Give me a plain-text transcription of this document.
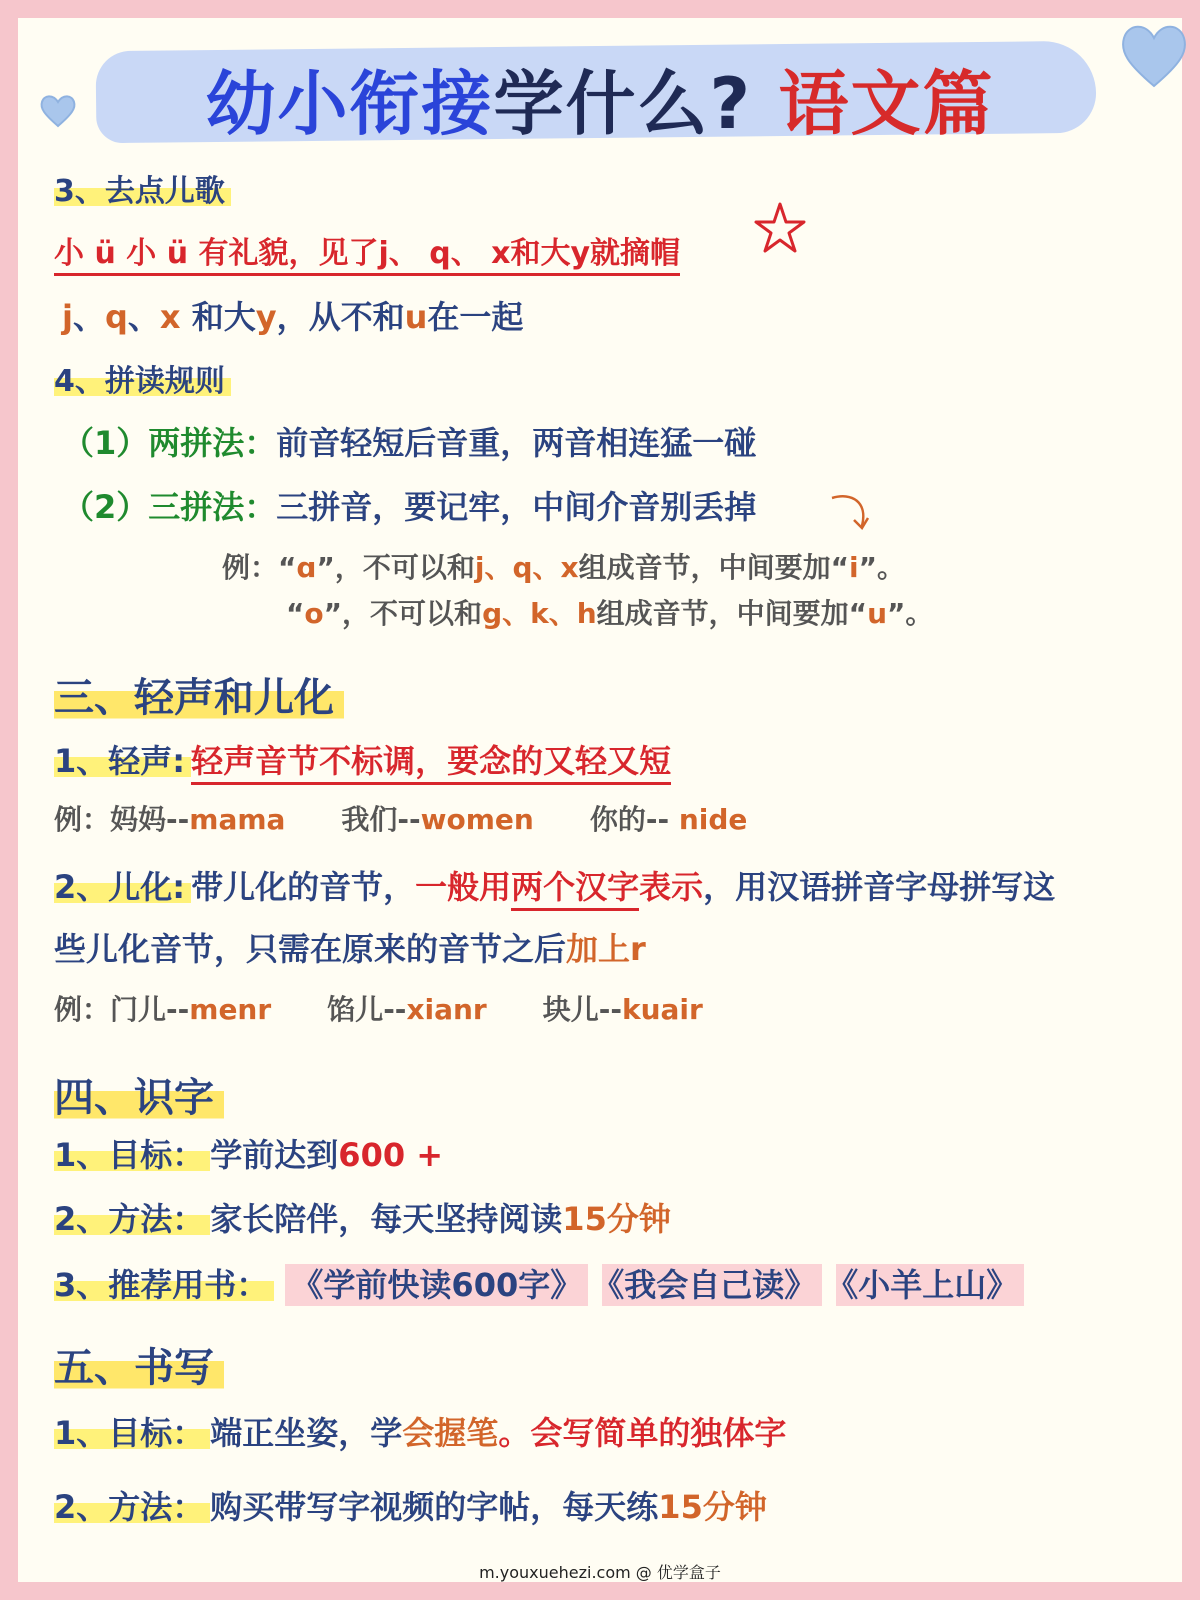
幼小衔接学什么? 语文篇
3、去点儿歌
小 ü 小 ü 有礼貌，见了j、 q、 x和大y就摘帽
j、q、x 和大y，从不和u在一起
4、拼读规则
（1）两拼法：前音轻短后音重，两音相连猛一碰
（2）三拼法：三拼音，要记牢，中间介音别丢掉
例：“ɑ”，不可以和j、q、x组成音节，中间要加“i”。
“o”，不可以和g、k、h组成音节，中间要加“u”。
三、轻声和儿化
1、轻声: 轻声音节不标调，要念的又轻又短
例：妈妈--mama 我们--women 你的-- nide
2、儿化: 带儿化的音节，一般用两个汉字表示，用汉语拼音字母拼写这
些儿化音节，只需在原来的音节之后加上r
例：门儿--menr 馅儿--xianr 块儿--kuair
四、识字
1、目标： 学前达到600 +
2、方法： 家长陪伴，每天坚持阅读15分钟
3、推荐用书： 《学前快读600字》 《我会自己读》 《小羊上山》
五、书写
1、目标： 端正坐姿，学会握笔。会写简单的独体字
2、方法： 购买带写字视频的字帖，每天练15分钟
m.youxuehezi.com @ 优学盒子
